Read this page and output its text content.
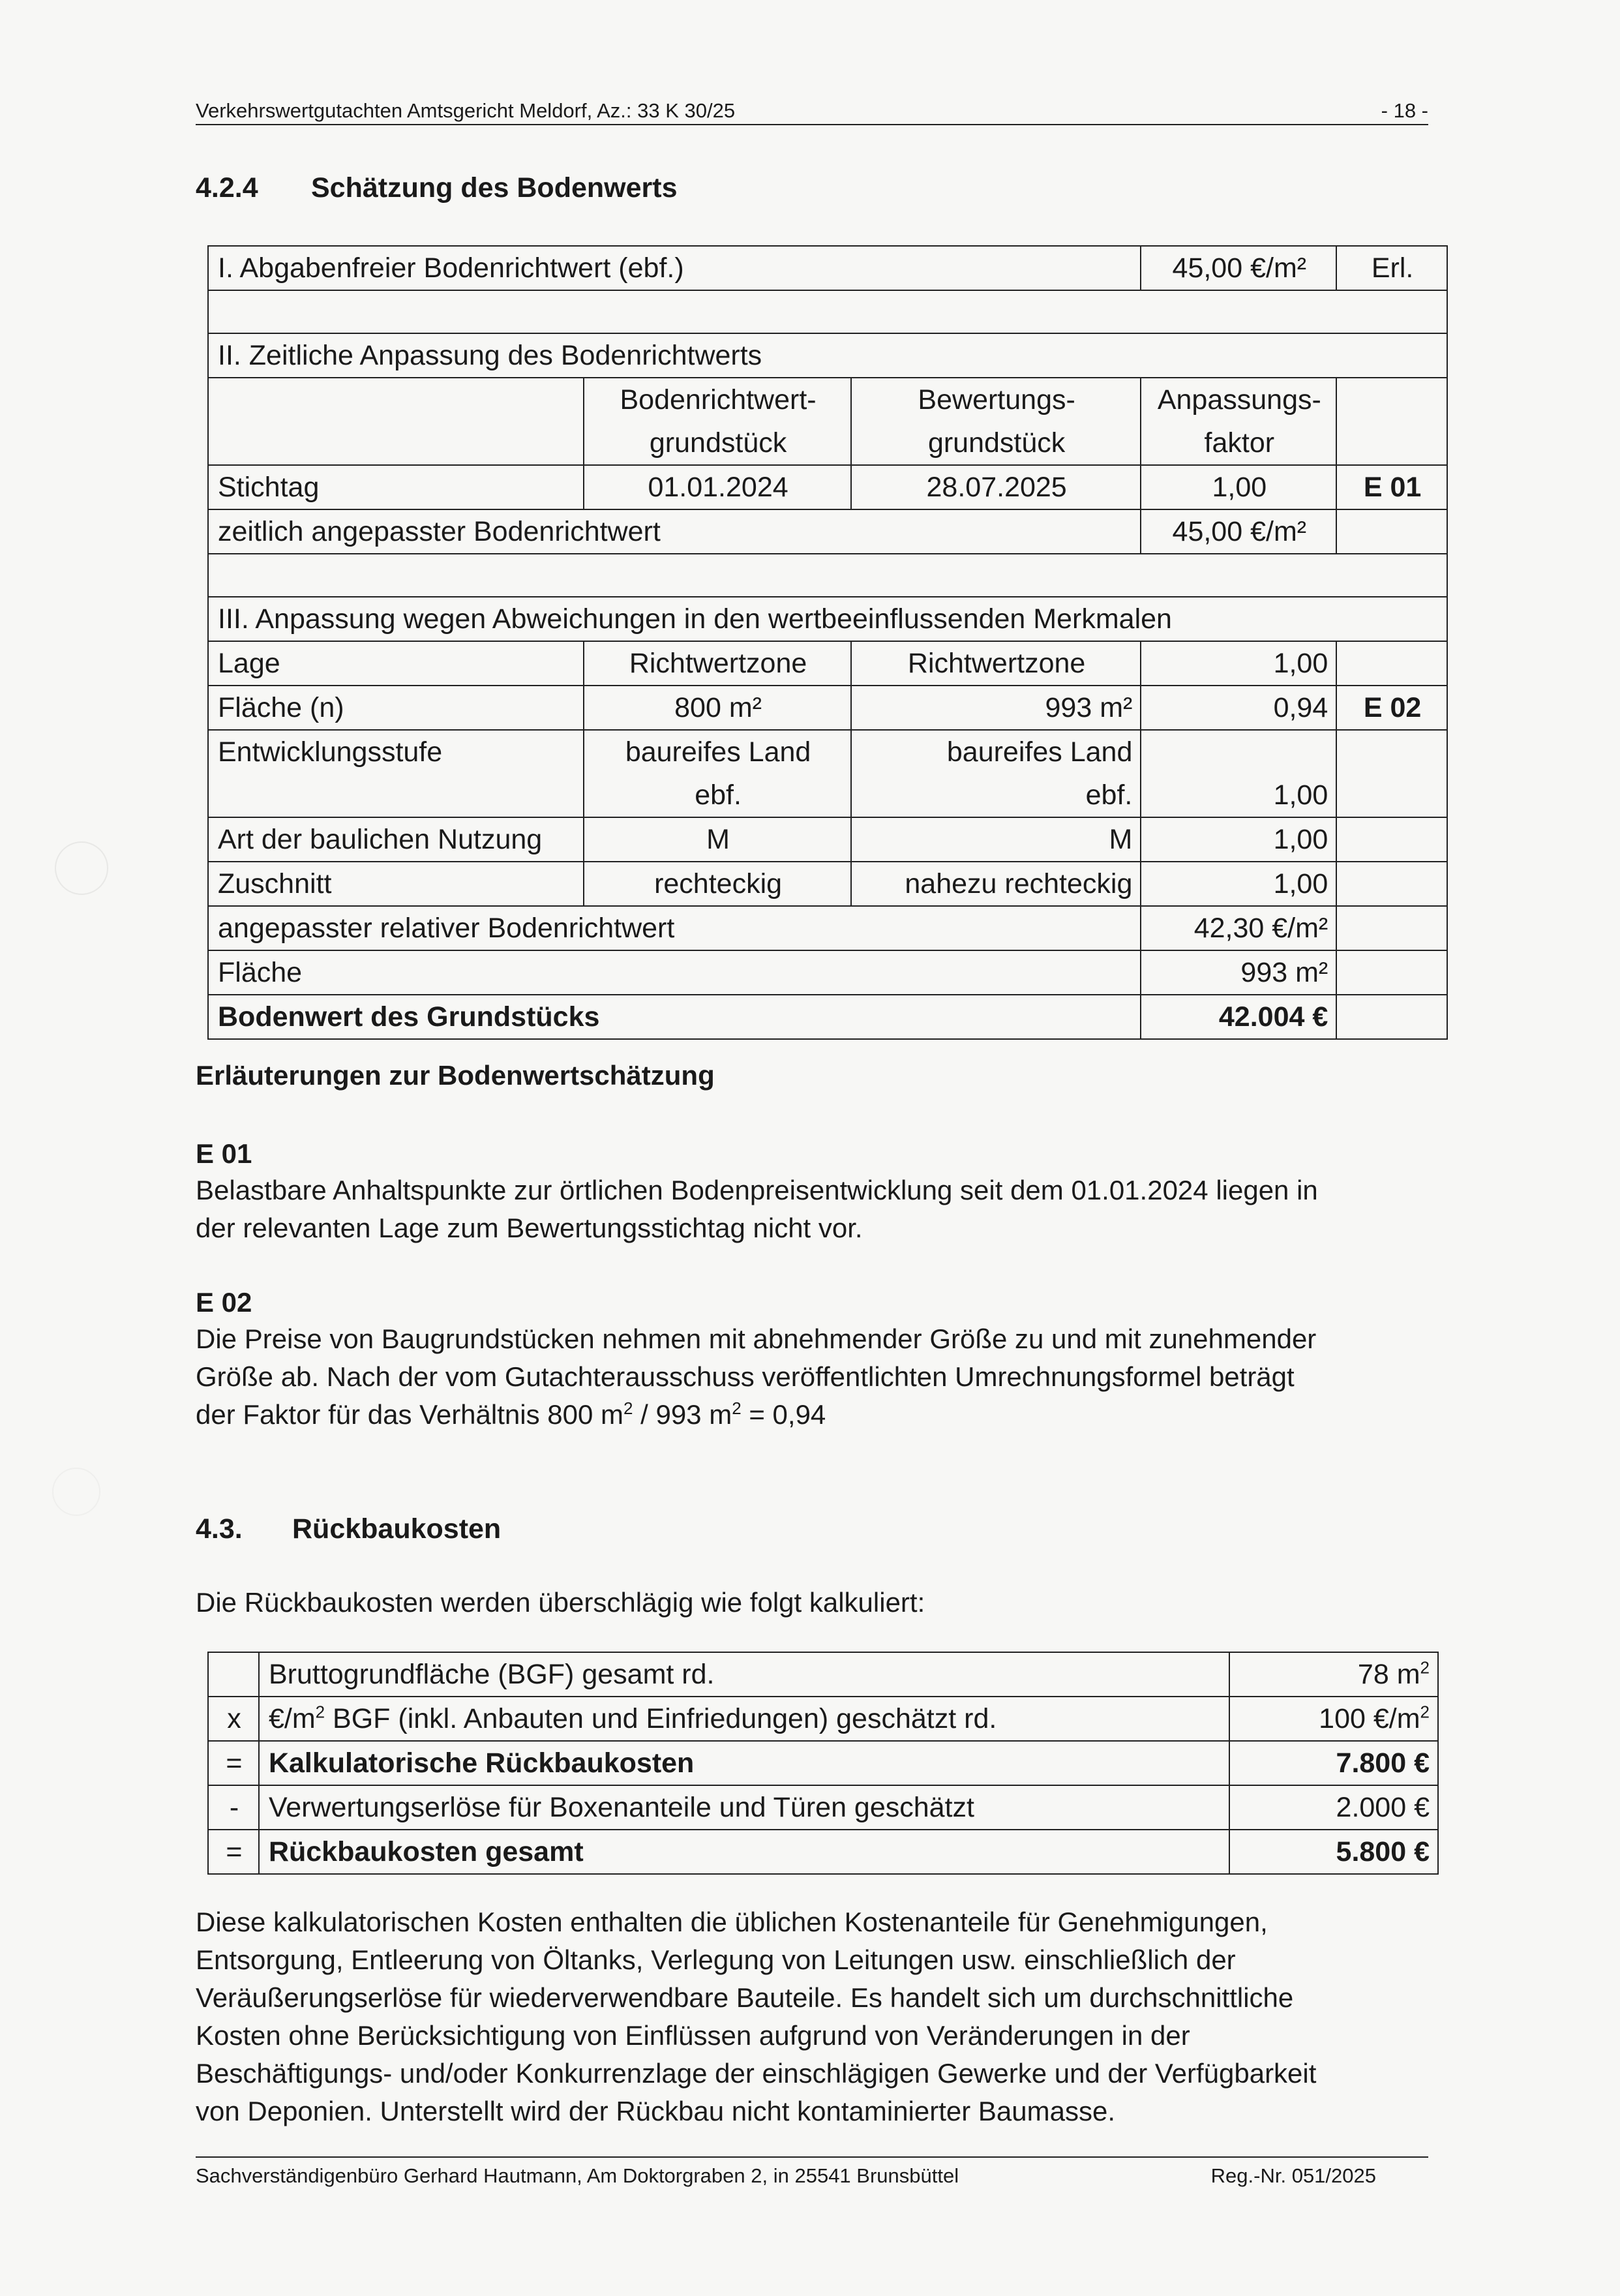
Verkehrswertgutachten Amtsgericht Meldorf, Az.: 33 K 30/25	- 18 -
4.2.4 Schätzung des Bodenwerts
I. Abgabenfreier Bodenrichtwert (ebf.)			45,00 €/m²	Erl.

II. Zeitliche Anpassung des Bodenrichtwerts				
	Bodenrichtwert-	Bewertungs-	Anpassungs-	
	grundstück	grundstück	faktor	
Stichtag	01.01.2024	28.07.2025	1,00	E 01
zeitlich angepasster Bodenrichtwert			45,00 €/m²	

III. Anpassung wegen Abweichungen in den wertbeeinflussenden Merkmalen				
Lage	Richtwertzone	Richtwertzone	1,00	
Fläche (n)	800 m²	993 m²	0,94	E 02
Entwicklungsstufe	baureifes Land	baureifes Land		
	ebf.	ebf.	1,00	
Art der baulichen Nutzung	M	M	1,00	
Zuschnitt	rechteckig	nahezu rechteckig	1,00	
angepasster relativer Bodenrichtwert			42,30 €/m²	
Fläche			993 m²	
Bodenwert des Grundstücks			42.004 €	
Erläuterungen zur Bodenwertschätzung
E 01
Belastbare Anhaltspunkte zur örtlichen Bodenpreisentwicklung seit dem 01.01.2024 liegen in
der relevanten Lage zum Bewertungsstichtag nicht vor.
E 02
Die Preise von Baugrundstücken nehmen mit abnehmender Größe zu und mit zunehmender
Größe ab. Nach der vom Gutachterausschuss veröffentlichten Umrechnungsformel beträgt
der Faktor für das Verhältnis 800 $m^2 / 993$ $m^2 = 0,94$
4.3. Rückbaukosten
Die Rückbaukosten werden überschlägig wie folgt kalkuliert:
	Bruttogrundfläche (BGF) gesamt rd.	78 $m^2$
x	$€/m^2$ BGF (inkl. Anbauten und Einfriedungen) geschätzt rd.	100 $€/m^2$
=	Kalkulatorische Rückbaukosten	7.800 €
-	Verwertungserlöse für Boxenanteile und Türen geschätzt	2.000 €
=	Rückbaukosten gesamt	5.800 €
Diese kalkulatorischen Kosten enthalten die üblichen Kostenanteile für Genehmigungen,
Entsorgung, Entleerung von Öltanks, Verlegung von Leitungen usw. einschließlich der
Veräußerungserlöse für wiederverwendbare Bauteile. Es handelt sich um durchschnittliche
Kosten ohne Berücksichtigung von Einflüssen aufgrund von Veränderungen in der
Beschäftigungs- und/oder Konkurrenzlage der einschlägigen Gewerke und der Verfügbarkeit
von Deponien. Unterstellt wird der Rückbau nicht kontaminierter Baumasse.
Sachverständigenbüro Gerhard Hautmann, Am Doktorgraben 2, in 25541 Brunsbüttel	Reg.-Nr. 051/2025
